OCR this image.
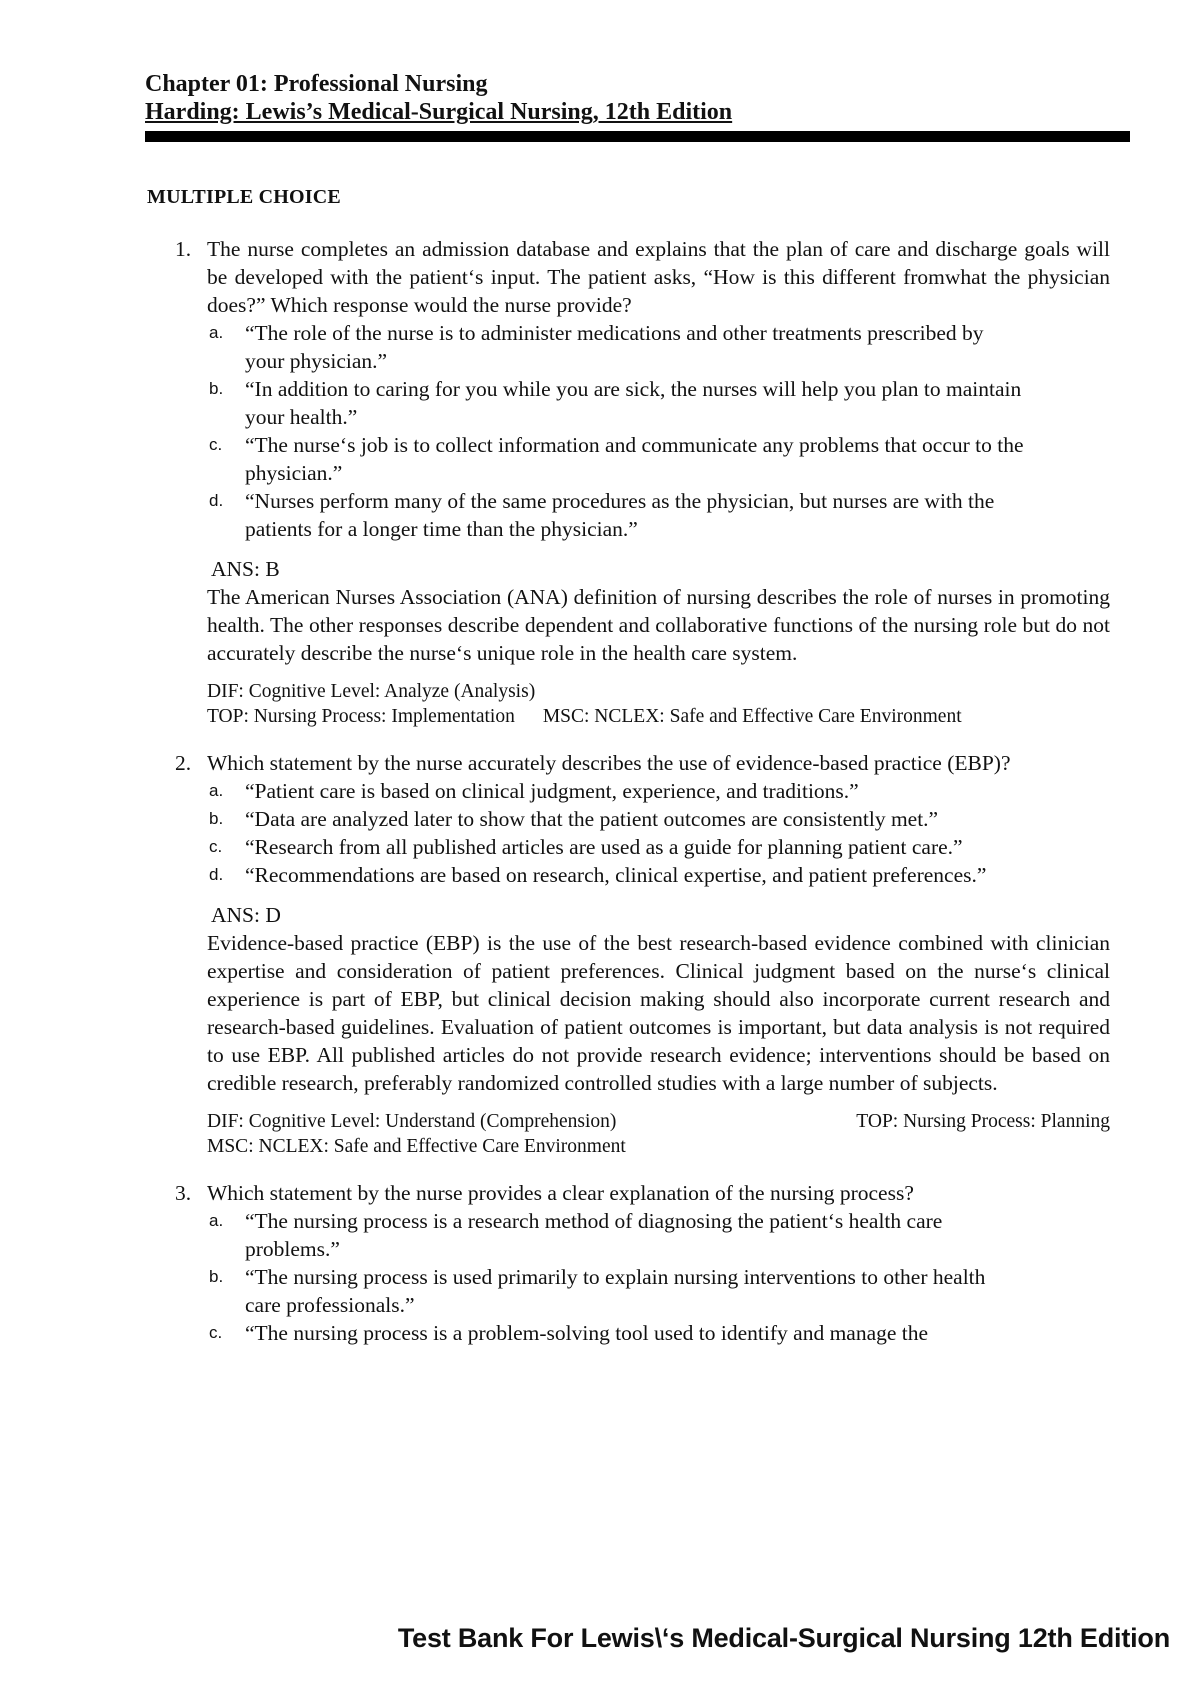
Chapter 01: Professional Nursing
Harding: Lewis’s Medical-Surgical Nursing, 12th Edition
MULTIPLE CHOICE
1. The nurse completes an admission database and explains that the plan of care and discharge goals will be developed with the patient‘s input. The patient asks, “How is this different fromwhat the physician does?” Which response would the nurse provide?
a. “The role of the nurse is to administer medications and other treatments prescribed by your physician.”
b. “In addition to caring for you while you are sick, the nurses will help you plan to maintain your health.”
c. “The nurse‘s job is to collect information and communicate any problems that occur to the physician.”
d. “Nurses perform many of the same procedures as the physician, but nurses are with the patients for a longer time than the physician.”
ANS: B
The American Nurses Association (ANA) definition of nursing describes the role of nurses in promoting health. The other responses describe dependent and collaborative functions of the nursing role but do not accurately describe the nurse‘s unique role in the health care system.
DIF: Cognitive Level: Analyze (Analysis)
TOP: Nursing Process: Implementation MSC: NCLEX: Safe and Effective Care Environment
2. Which statement by the nurse accurately describes the use of evidence-based practice (EBP)?
a. “Patient care is based on clinical judgment, experience, and traditions.”
b. “Data are analyzed later to show that the patient outcomes are consistently met.”
c. “Research from all published articles are used as a guide for planning patient care.”
d. “Recommendations are based on research, clinical expertise, and patient preferences.”
ANS: D
Evidence-based practice (EBP) is the use of the best research-based evidence combined with clinician expertise and consideration of patient preferences. Clinical judgment based on the nurse‘s clinical experience is part of EBP, but clinical decision making should also incorporate current research and research-based guidelines. Evaluation of patient outcomes is important, but data analysis is not required to use EBP. All published articles do not provide research evidence; interventions should be based on credible research, preferably randomized controlled studies with a large number of subjects.
DIF: Cognitive Level: Understand (Comprehension)	TOP: Nursing Process: Planning
MSC: NCLEX: Safe and Effective Care Environment
3. Which statement by the nurse provides a clear explanation of the nursing process?
a. “The nursing process is a research method of diagnosing the patient‘s health care problems.”
b. “The nursing process is used primarily to explain nursing interventions to other health care professionals.”
c. “The nursing process is a problem-solving tool used to identify and manage the
Test Bank For Lewis\‘s Medical-Surgical Nursing 12th Edition
